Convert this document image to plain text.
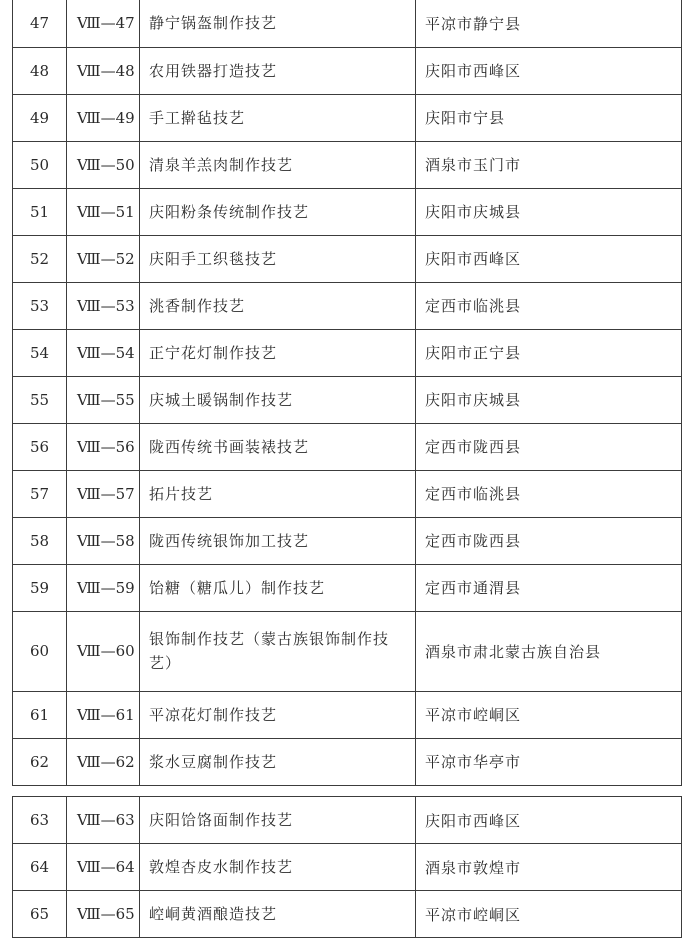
47	Ⅷ—47	静宁锅盔制作技艺	平凉市静宁县
48	Ⅷ—48	农用铁器打造技艺	庆阳市西峰区
49	Ⅷ—49	手工擀毡技艺	庆阳市宁县
50	Ⅷ—50	清泉羊羔肉制作技艺	酒泉市玉门市
51	Ⅷ—51	庆阳粉条传统制作技艺	庆阳市庆城县
52	Ⅷ—52	庆阳手工织毯技艺	庆阳市西峰区
53	Ⅷ—53	洮香制作技艺	定西市临洮县
54	Ⅷ—54	正宁花灯制作技艺	庆阳市正宁县
55	Ⅷ—55	庆城土暖锅制作技艺	庆阳市庆城县
56	Ⅷ—56	陇西传统书画装裱技艺	定西市陇西县
57	Ⅷ—57	拓片技艺	定西市临洮县
58	Ⅷ—58	陇西传统银饰加工技艺	定西市陇西县
59	Ⅷ—59	饴糖（糖瓜儿）制作技艺	定西市通渭县
60	Ⅷ—60	银饰制作技艺（蒙古族银饰制作技艺）	酒泉市肃北蒙古族自治县
61	Ⅷ—61	平凉花灯制作技艺	平凉市崆峒区
62	Ⅷ—62	浆水豆腐制作技艺	平凉市华亭市
63	Ⅷ—63	庆阳饸饹面制作技艺	庆阳市西峰区
64	Ⅷ—64	敦煌杏皮水制作技艺	酒泉市敦煌市
65	Ⅷ—65	崆峒黄酒酿造技艺	平凉市崆峒区
